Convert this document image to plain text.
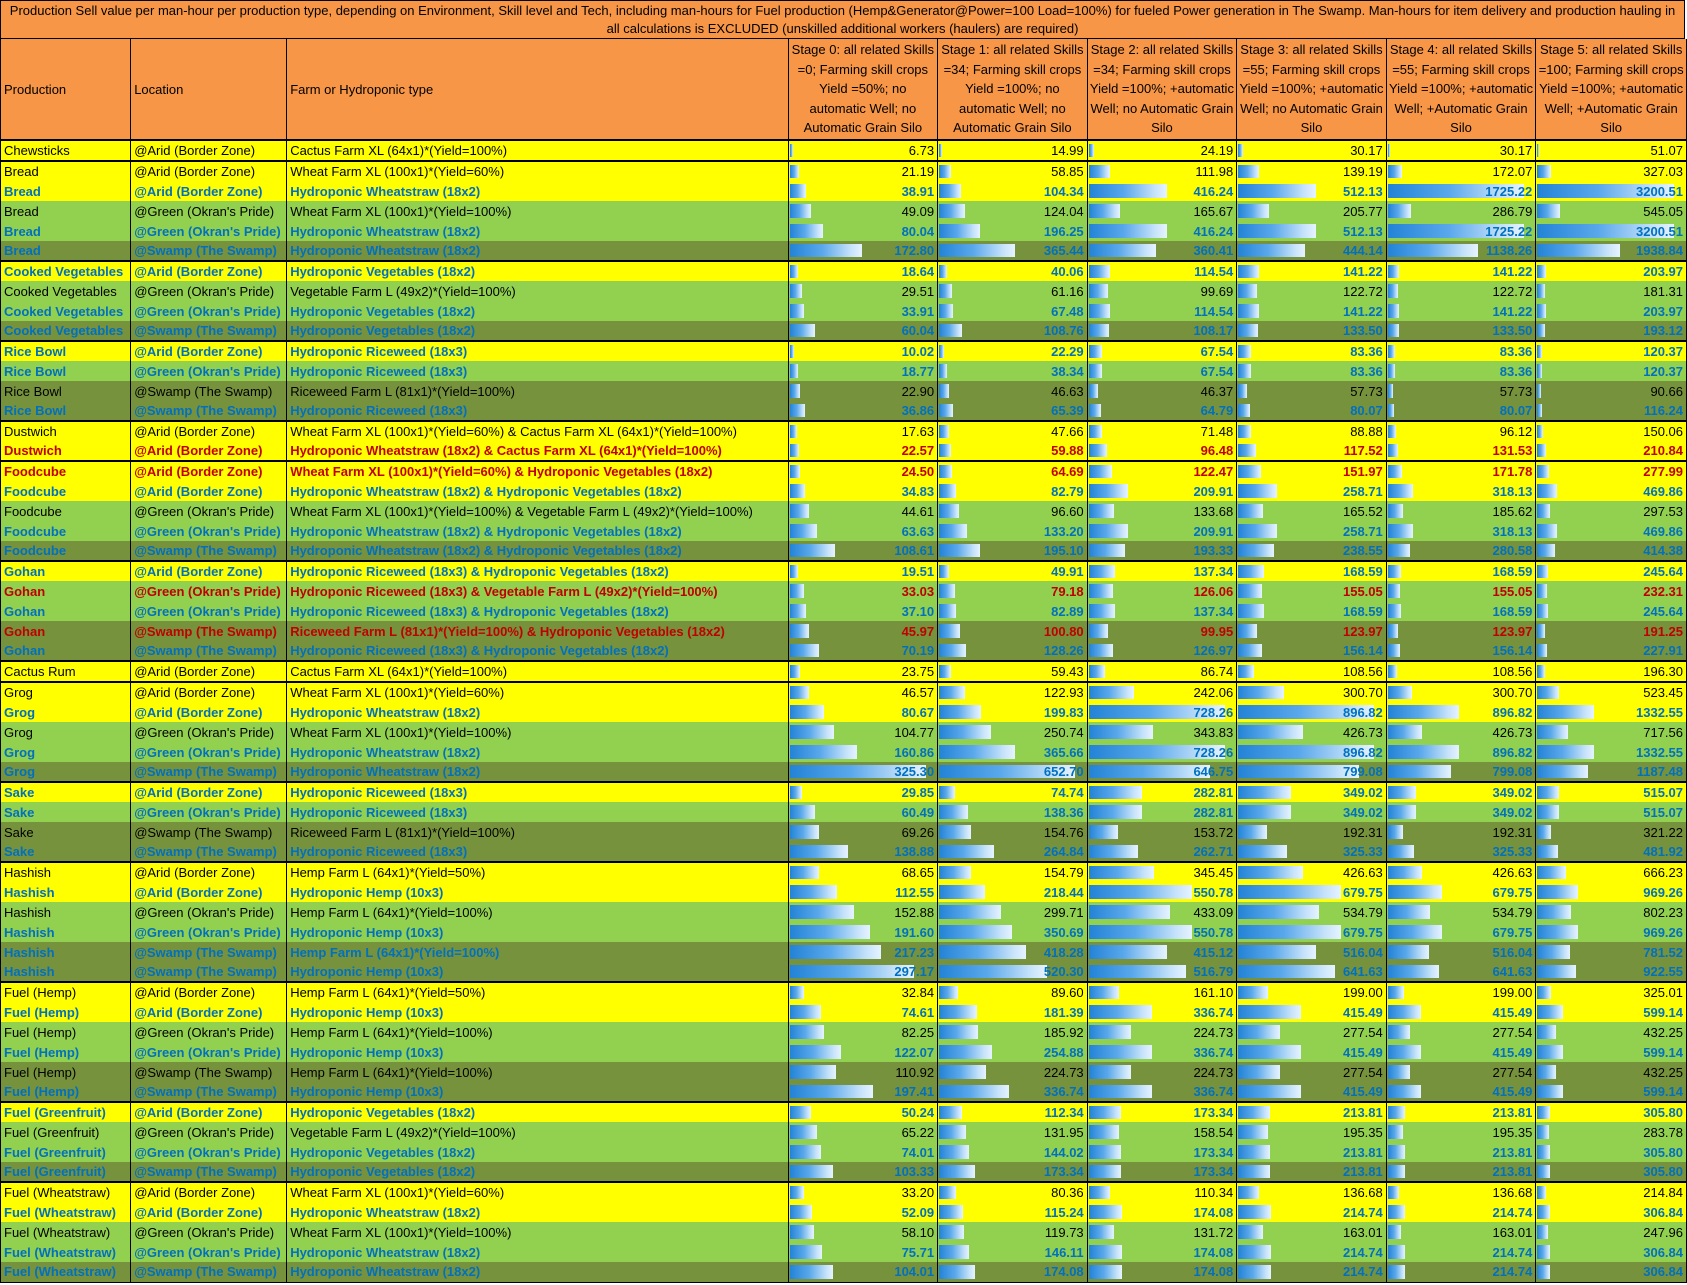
Production Sell value per man-hour per production type, depending on Environment, Skill level and Tech, including man-hours for Fuel production (Hemp&Generator@Power=100 Load=100%) for fueled Power generation in The Swamp. Man-hours for item delivery and production hauling in all calculations is EXCLUDED (unskilled additional workers (haulers) are required)
Production	Location	Farm or Hydroponic type	Stage 0: all related Skills =0; Farming skill crops Yield =50%; no automatic Well; no Automatic Grain Silo	Stage 1: all related Skills =34; Farming skill crops Yield =100%; no automatic Well; no Automatic Grain Silo	Stage 2: all related Skills =34; Farming skill crops Yield =100%; +automatic Well; no Automatic Grain Silo	Stage 3: all related Skills =55; Farming skill crops Yield =100%; +automatic Well; no Automatic Grain Silo	Stage 4: all related Skills =55; Farming skill crops Yield =100%; +automatic Well; +Automatic Grain Silo	Stage 5: all related Skills =100; Farming skill crops Yield =100%; +automatic Well; +Automatic Grain Silo
Chewsticks	@Arid (Border Zone)	Cactus Farm XL (64x1)*(Yield=100%)	6.73	14.99	24.19	30.17	30.17	51.07
Bread	@Arid (Border Zone)	Wheat Farm XL (100x1)*(Yield=60%)	21.19	58.85	111.98	139.19	172.07	327.03
Bread	@Arid (Border Zone)	Hydroponic Wheatstraw (18x2)	38.91	104.34	416.24	512.13	1725.22	3200.51
Bread	@Green (Okran's Pride)	Wheat Farm XL (100x1)*(Yield=100%)	49.09	124.04	165.67	205.77	286.79	545.05
Bread	@Green (Okran's Pride)	Hydroponic Wheatstraw (18x2)	80.04	196.25	416.24	512.13	1725.22	3200.51
Bread	@Swamp (The Swamp)	Hydroponic Wheatstraw (18x2)	172.80	365.44	360.41	444.14	1138.26	1938.84
Cooked Vegetables	@Arid (Border Zone)	Hydroponic Vegetables (18x2)	18.64	40.06	114.54	141.22	141.22	203.97
Cooked Vegetables	@Green (Okran's Pride)	Vegetable Farm L (49x2)*(Yield=100%)	29.51	61.16	99.69	122.72	122.72	181.31
Cooked Vegetables	@Green (Okran's Pride)	Hydroponic Vegetables (18x2)	33.91	67.48	114.54	141.22	141.22	203.97
Cooked Vegetables	@Swamp (The Swamp)	Hydroponic Vegetables (18x2)	60.04	108.76	108.17	133.50	133.50	193.12
Rice Bowl	@Arid (Border Zone)	Hydroponic Riceweed (18x3)	10.02	22.29	67.54	83.36	83.36	120.37
Rice Bowl	@Green (Okran's Pride)	Hydroponic Riceweed (18x3)	18.77	38.34	67.54	83.36	83.36	120.37
Rice Bowl	@Swamp (The Swamp)	Riceweed Farm L (81x1)*(Yield=100%)	22.90	46.63	46.37	57.73	57.73	90.66
Rice Bowl	@Swamp (The Swamp)	Hydroponic Riceweed (18x3)	36.86	65.39	64.79	80.07	80.07	116.24
Dustwich	@Arid (Border Zone)	Wheat Farm XL (100x1)*(Yield=60%) & Cactus Farm XL (64x1)*(Yield=100%)	17.63	47.66	71.48	88.88	96.12	150.06
Dustwich	@Arid (Border Zone)	Hydroponic Wheatstraw (18x2) & Cactus Farm XL (64x1)*(Yield=100%)	22.57	59.88	96.48	117.52	131.53	210.84
Foodcube	@Arid (Border Zone)	Wheat Farm XL (100x1)*(Yield=60%) & Hydroponic Vegetables (18x2)	24.50	64.69	122.47	151.97	171.78	277.99
Foodcube	@Arid (Border Zone)	Hydroponic Wheatstraw (18x2) & Hydroponic Vegetables (18x2)	34.83	82.79	209.91	258.71	318.13	469.86
Foodcube	@Green (Okran's Pride)	Wheat Farm XL (100x1)*(Yield=100%) & Vegetable Farm L (49x2)*(Yield=100%)	44.61	96.60	133.68	165.52	185.62	297.53
Foodcube	@Green (Okran's Pride)	Hydroponic Wheatstraw (18x2) & Hydroponic Vegetables (18x2)	63.63	133.20	209.91	258.71	318.13	469.86
Foodcube	@Swamp (The Swamp)	Hydroponic Wheatstraw (18x2) & Hydroponic Vegetables (18x2)	108.61	195.10	193.33	238.55	280.58	414.38
Gohan	@Arid (Border Zone)	Hydroponic Riceweed (18x3) & Hydroponic Vegetables (18x2)	19.51	49.91	137.34	168.59	168.59	245.64
Gohan	@Green (Okran's Pride)	Hydroponic Riceweed (18x3) & Vegetable Farm L (49x2)*(Yield=100%)	33.03	79.18	126.06	155.05	155.05	232.31
Gohan	@Green (Okran's Pride)	Hydroponic Riceweed (18x3) & Hydroponic Vegetables (18x2)	37.10	82.89	137.34	168.59	168.59	245.64
Gohan	@Swamp (The Swamp)	Riceweed Farm L (81x1)*(Yield=100%) & Hydroponic Vegetables (18x2)	45.97	100.80	99.95	123.97	123.97	191.25
Gohan	@Swamp (The Swamp)	Hydroponic Riceweed (18x3) & Hydroponic Vegetables (18x2)	70.19	128.26	126.97	156.14	156.14	227.91
Cactus Rum	@Arid (Border Zone)	Cactus Farm XL (64x1)*(Yield=100%)	23.75	59.43	86.74	108.56	108.56	196.30
Grog	@Arid (Border Zone)	Wheat Farm XL (100x1)*(Yield=60%)	46.57	122.93	242.06	300.70	300.70	523.45
Grog	@Arid (Border Zone)	Hydroponic Wheatstraw (18x2)	80.67	199.83	728.26	896.82	896.82	1332.55
Grog	@Green (Okran's Pride)	Wheat Farm XL (100x1)*(Yield=100%)	104.77	250.74	343.83	426.73	426.73	717.56
Grog	@Green (Okran's Pride)	Hydroponic Wheatstraw (18x2)	160.86	365.66	728.26	896.82	896.82	1332.55
Grog	@Swamp (The Swamp)	Hydroponic Wheatstraw (18x2)	325.30	652.70	646.75	799.08	799.08	1187.48
Sake	@Arid (Border Zone)	Hydroponic Riceweed (18x3)	29.85	74.74	282.81	349.02	349.02	515.07
Sake	@Green (Okran's Pride)	Hydroponic Riceweed (18x3)	60.49	138.36	282.81	349.02	349.02	515.07
Sake	@Swamp (The Swamp)	Riceweed Farm L (81x1)*(Yield=100%)	69.26	154.76	153.72	192.31	192.31	321.22
Sake	@Swamp (The Swamp)	Hydroponic Riceweed (18x3)	138.88	264.84	262.71	325.33	325.33	481.92
Hashish	@Arid (Border Zone)	Hemp Farm L (64x1)*(Yield=50%)	68.65	154.79	345.45	426.63	426.63	666.23
Hashish	@Arid (Border Zone)	Hydroponic Hemp (10x3)	112.55	218.44	550.78	679.75	679.75	969.26
Hashish	@Green (Okran's Pride)	Hemp Farm L (64x1)*(Yield=100%)	152.88	299.71	433.09	534.79	534.79	802.23
Hashish	@Green (Okran's Pride)	Hydroponic Hemp (10x3)	191.60	350.69	550.78	679.75	679.75	969.26
Hashish	@Swamp (The Swamp)	Hemp Farm L (64x1)*(Yield=100%)	217.23	418.28	415.12	516.04	516.04	781.52
Hashish	@Swamp (The Swamp)	Hydroponic Hemp (10x3)	297.17	520.30	516.79	641.63	641.63	922.55
Fuel (Hemp)	@Arid (Border Zone)	Hemp Farm L (64x1)*(Yield=50%)	32.84	89.60	161.10	199.00	199.00	325.01
Fuel (Hemp)	@Arid (Border Zone)	Hydroponic Hemp (10x3)	74.61	181.39	336.74	415.49	415.49	599.14
Fuel (Hemp)	@Green (Okran's Pride)	Hemp Farm L (64x1)*(Yield=100%)	82.25	185.92	224.73	277.54	277.54	432.25
Fuel (Hemp)	@Green (Okran's Pride)	Hydroponic Hemp (10x3)	122.07	254.88	336.74	415.49	415.49	599.14
Fuel (Hemp)	@Swamp (The Swamp)	Hemp Farm L (64x1)*(Yield=100%)	110.92	224.73	224.73	277.54	277.54	432.25
Fuel (Hemp)	@Swamp (The Swamp)	Hydroponic Hemp (10x3)	197.41	336.74	336.74	415.49	415.49	599.14
Fuel (Greenfruit)	@Arid (Border Zone)	Hydroponic Vegetables (18x2)	50.24	112.34	173.34	213.81	213.81	305.80
Fuel (Greenfruit)	@Green (Okran's Pride)	Vegetable Farm L (49x2)*(Yield=100%)	65.22	131.95	158.54	195.35	195.35	283.78
Fuel (Greenfruit)	@Green (Okran's Pride)	Hydroponic Vegetables (18x2)	74.01	144.02	173.34	213.81	213.81	305.80
Fuel (Greenfruit)	@Swamp (The Swamp)	Hydroponic Vegetables (18x2)	103.33	173.34	173.34	213.81	213.81	305.80
Fuel (Wheatstraw)	@Arid (Border Zone)	Wheat Farm XL (100x1)*(Yield=60%)	33.20	80.36	110.34	136.68	136.68	214.84
Fuel (Wheatstraw)	@Arid (Border Zone)	Hydroponic Wheatstraw (18x2)	52.09	115.24	174.08	214.74	214.74	306.84
Fuel (Wheatstraw)	@Green (Okran's Pride)	Wheat Farm XL (100x1)*(Yield=100%)	58.10	119.73	131.72	163.01	163.01	247.96
Fuel (Wheatstraw)	@Green (Okran's Pride)	Hydroponic Wheatstraw (18x2)	75.71	146.11	174.08	214.74	214.74	306.84
Fuel (Wheatstraw)	@Swamp (The Swamp)	Hydroponic Wheatstraw (18x2)	104.01	174.08	174.08	214.74	214.74	306.84
